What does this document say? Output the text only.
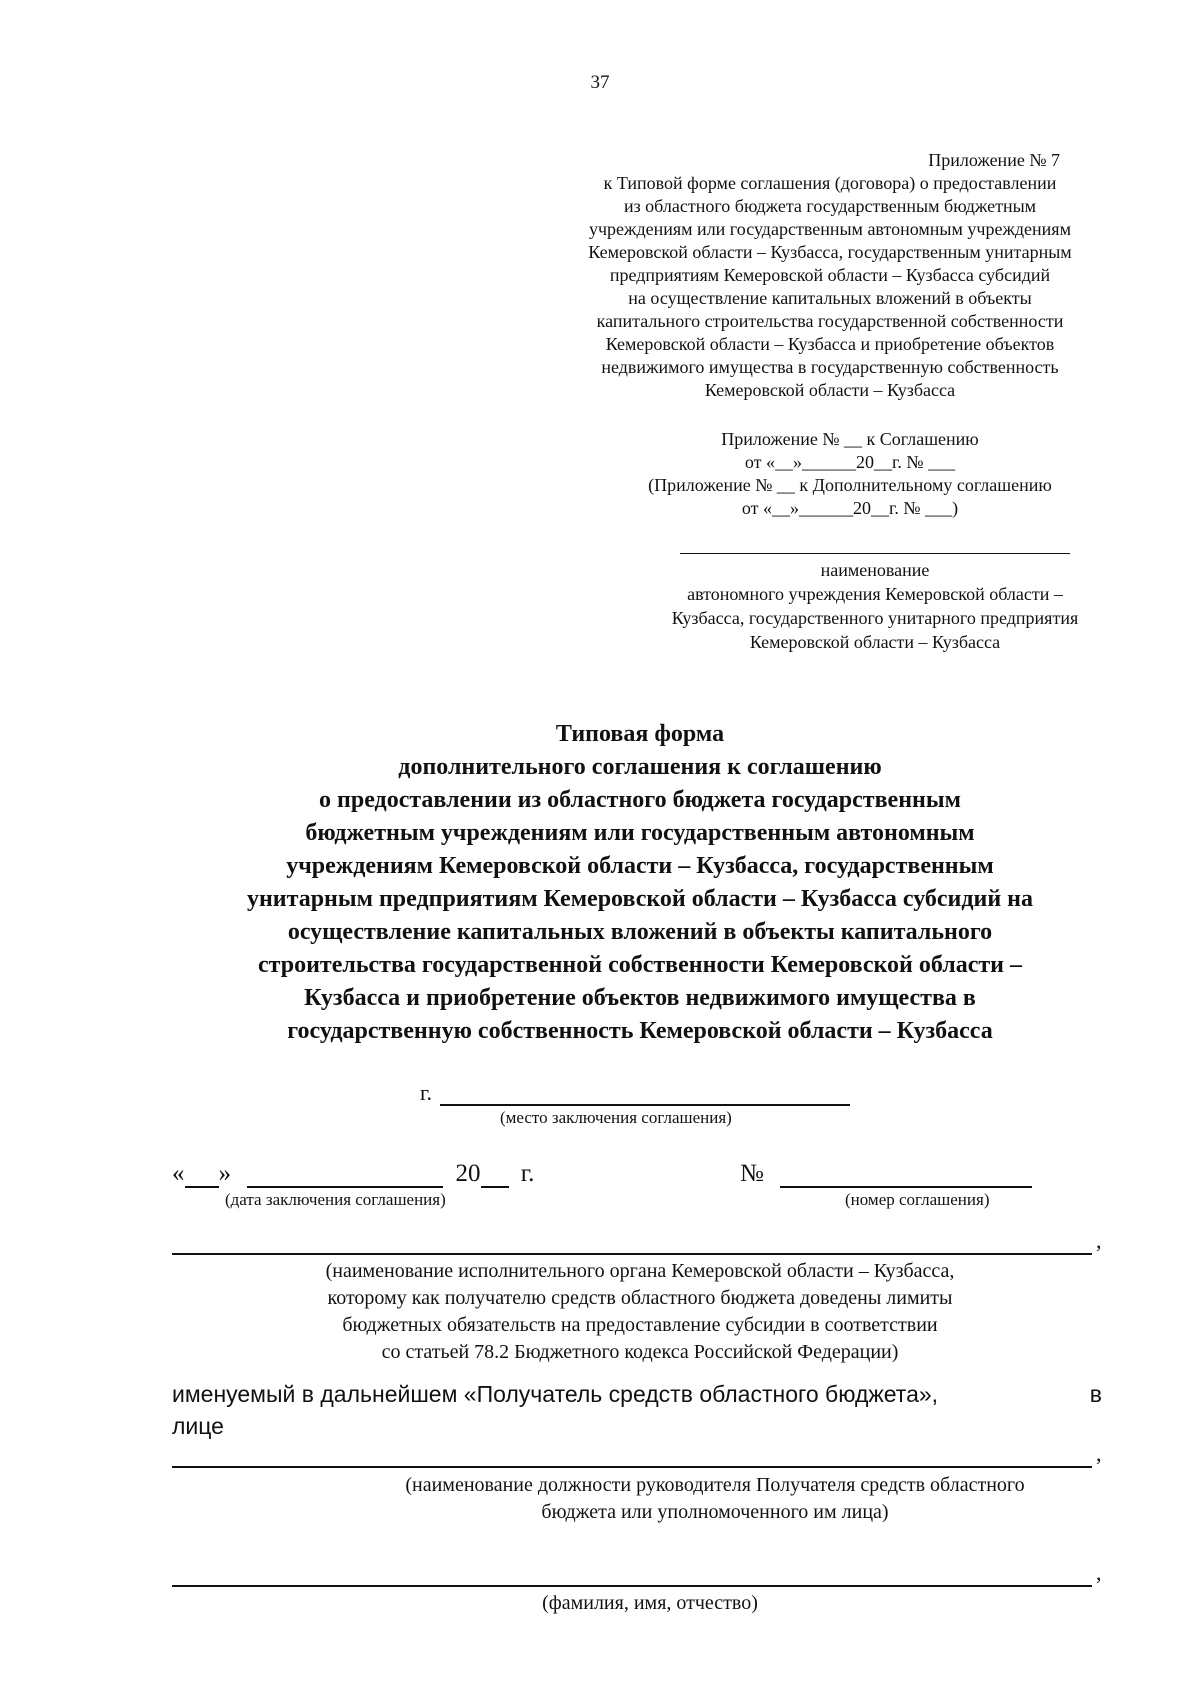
37
Приложение № 7
к Типовой форме соглашения (договора) о предоставлении
из областного бюджета государственным бюджетным
учреждениям или государственным автономным учреждениям
Кемеровской области – Кузбасса, государственным унитарным
предприятиям Кемеровской области – Кузбасса субсидий
на осуществление капитальных вложений в объекты
капитального строительства государственной собственности
Кемеровской области – Кузбасса и приобретение объектов
недвижимого имущества в государственную собственность
Кемеровской области – Кузбасса
Приложение № __ к Соглашению
от «__»______20__г. № ___
(Приложение № __ к Дополнительному соглашению
от «__»______20__г. № ___)
наименование
автономного учреждения Кемеровской области –
Кузбасса, государственного унитарного предприятия
Кемеровской области – Кузбасса
Типовая форма
дополнительного соглашения к соглашению
о предоставлении из областного бюджета государственным
бюджетным учреждениям или государственным автономным
учреждениям Кемеровской области – Кузбасса, государственным
унитарным предприятиям Кемеровской области – Кузбасса субсидий на
осуществление капитальных вложений в объекты капитального
строительства государственной собственности Кемеровской области –
Кузбасса и приобретение объектов недвижимого имущества в
государственную собственность Кемеровской области – Кузбасса
г.
(место заключения соглашения)
« »	20 г.
(дата заключения соглашения)
№
(номер соглашения)
,
(наименование исполнительного органа Кемеровской области – Кузбасса,
которому как получателю средств областного бюджета доведены лимиты
бюджетных обязательств на предоставление субсидии в соответствии
со статьей 78.2 Бюджетного кодекса Российской Федерации)
именуемый в дальнейшем «Получатель средств областного бюджета»,	в
лице
,
(наименование должности руководителя Получателя средств областного
бюджета или уполномоченного им лица)
,
(фамилия, имя, отчество)
